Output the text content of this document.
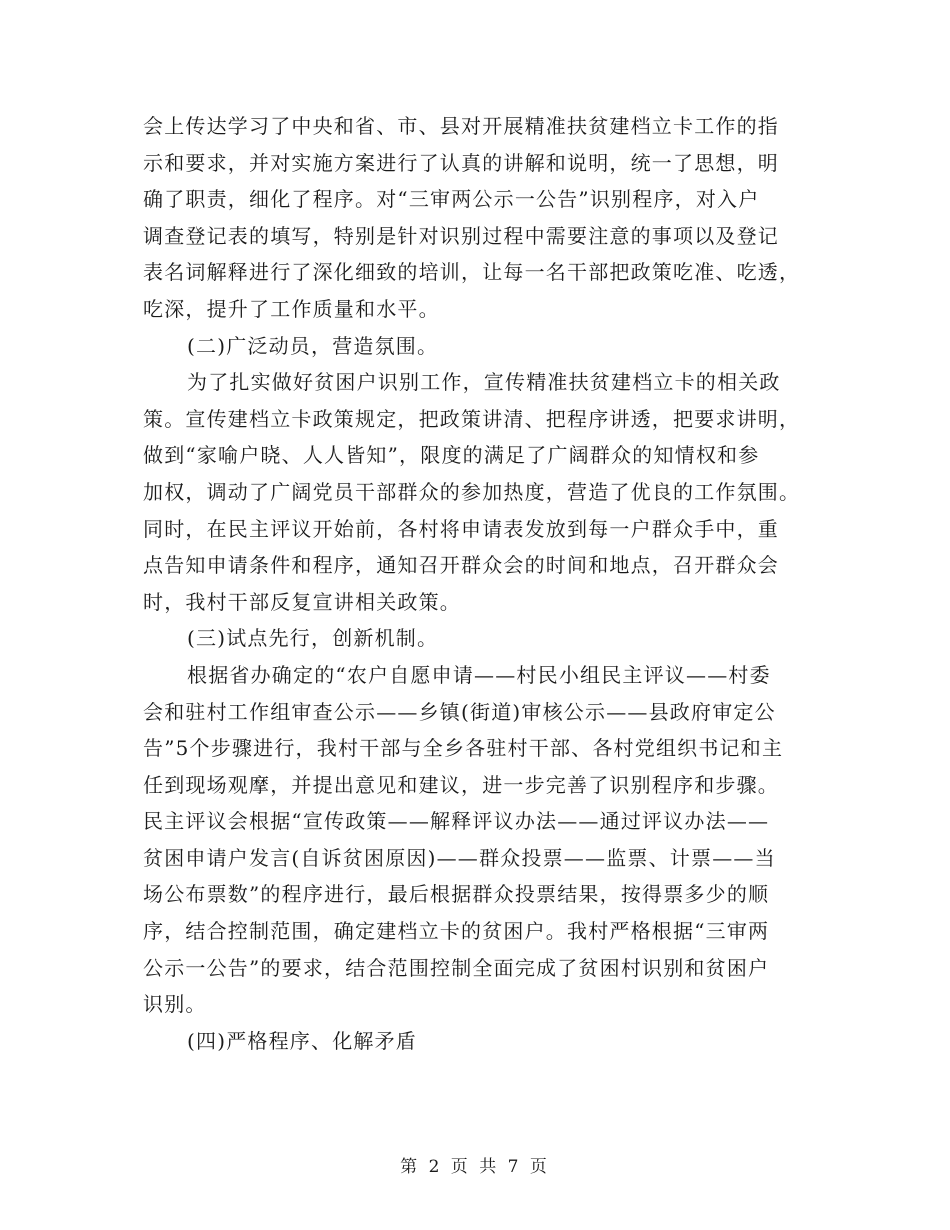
会上传达学习了中央和省、市、县对开展精准扶贫建档立卡工作的指
示和要求，并对实施方案进行了认真的讲解和说明，统一了思想，明
确了职责，细化了程序。对“三审两公示一公告”识别程序，对入户
调查登记表的填写，特别是针对识别过程中需要注意的事项以及登记
表名词解释进行了深化细致的培训，让每一名干部把政策吃准、吃透，
吃深，提升了工作质量和水平。
(二)广泛动员，营造氛围。
为了扎实做好贫困户识别工作，宣传精准扶贫建档立卡的相关政
策。宣传建档立卡政策规定，把政策讲清、把程序讲透，把要求讲明，
做到“家喻户晓、人人皆知”，限度的满足了广阔群众的知情权和参
加权，调动了广阔党员干部群众的参加热度，营造了优良的工作氛围。
同时，在民主评议开始前，各村将申请表发放到每一户群众手中，重
点告知申请条件和程序，通知召开群众会的时间和地点，召开群众会
时，我村干部反复宣讲相关政策。
(三)试点先行，创新机制。
根据省办确定的“农户自愿申请——村民小组民主评议——村委
会和驻村工作组审查公示——乡镇(街道)审核公示——县政府审定公
告”5个步骤进行，我村干部与全乡各驻村干部、各村党组织书记和主
任到现场观摩，并提出意见和建议，进一步完善了识别程序和步骤。
民主评议会根据“宣传政策——解释评议办法——通过评议办法——
贫困申请户发言(自诉贫困原因)——群众投票——监票、计票——当
场公布票数”的程序进行，最后根据群众投票结果，按得票多少的顺
序，结合控制范围，确定建档立卡的贫困户。我村严格根据“三审两
公示一公告”的要求，结合范围控制全面完成了贫困村识别和贫困户
识别。
(四)严格程序、化解矛盾
第 2 页 共 7 页
